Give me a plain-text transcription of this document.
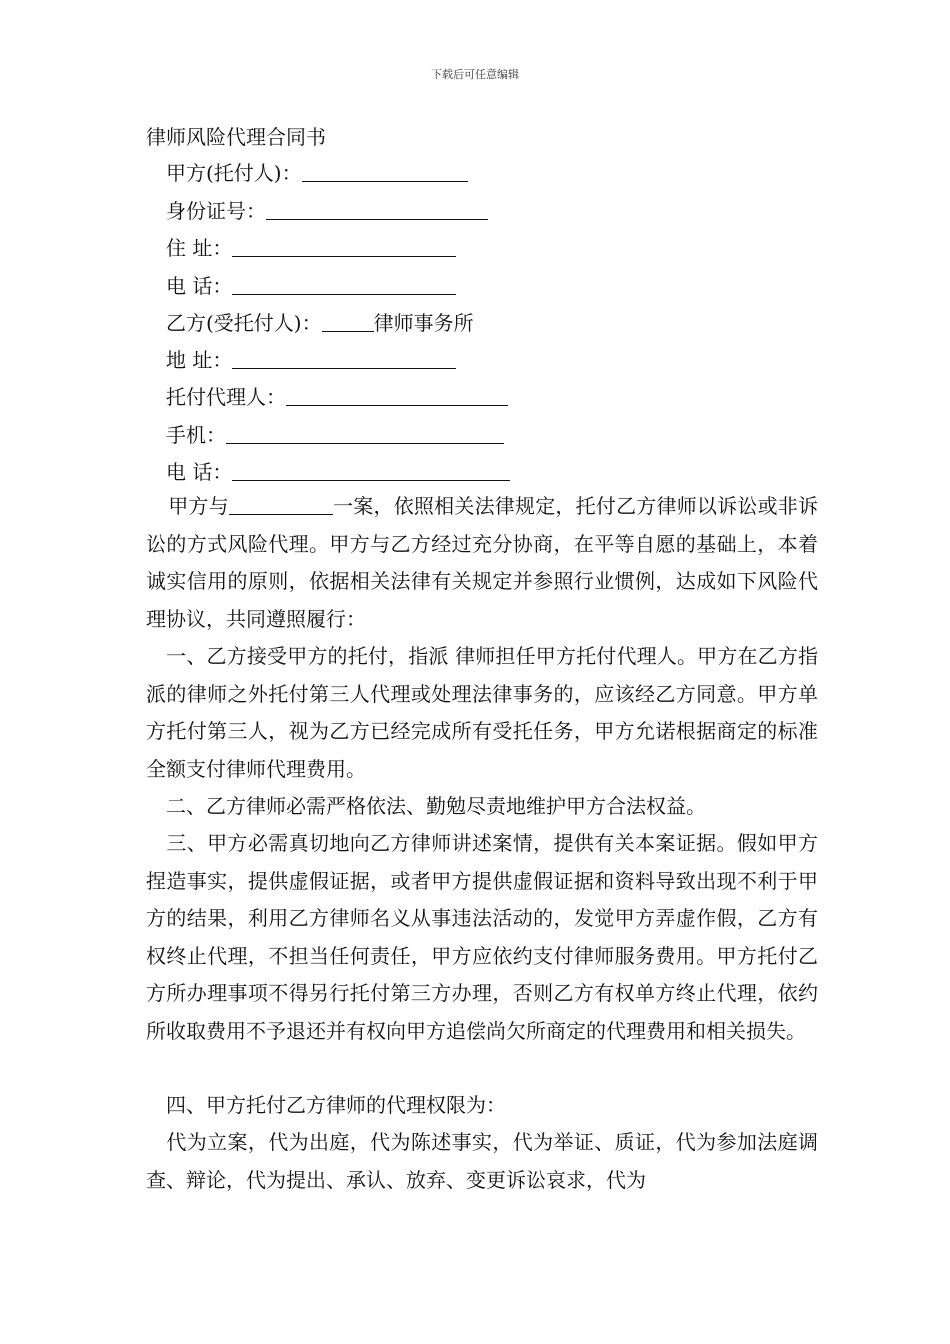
下载后可任意编辑
律师风险代理合同书
甲方(托付人)：
身份证号：
住 址：
电 话：
乙方(受托付人)：	律师事务所
地 址：
托付代理人：
手机：
电 话：
甲方与	一案，依照相关法律规定，托付乙方律师以诉讼或非诉讼的方式风险代理。甲方与乙方经过充分协商，在平等自愿的基础上，本着诚实信用的原则，依据相关法律有关规定并参照行业惯例，达成如下风险代理协议，共同遵照履行：
一、乙方接受甲方的托付，指派 律师担任甲方托付代理人。甲方在乙方指派的律师之外托付第三人代理或处理法律事务的，应该经乙方同意。甲方单方托付第三人，视为乙方已经完成所有受托任务，甲方允诺根据商定的标准全额支付律师代理费用。
二、乙方律师必需严格依法、勤勉尽责地维护甲方合法权益。
三、甲方必需真切地向乙方律师讲述案情，提供有关本案证据。假如甲方捏造事实，提供虚假证据，或者甲方提供虚假证据和资料导致出现不利于甲方的结果，利用乙方律师名义从事违法活动的，发觉甲方弄虚作假，乙方有权终止代理，不担当任何责任，甲方应依约支付律师服务费用。甲方托付乙方所办理事项不得另行托付第三方办理，否则乙方有权单方终止代理，依约所收取费用不予退还并有权向甲方追偿尚欠所商定的代理费用和相关损失。
四、甲方托付乙方律师的代理权限为：
代为立案，代为出庭，代为陈述事实，代为举证、质证，代为参加法庭调查、辩论，代为提出、承认、放弃、变更诉讼哀求，代为
